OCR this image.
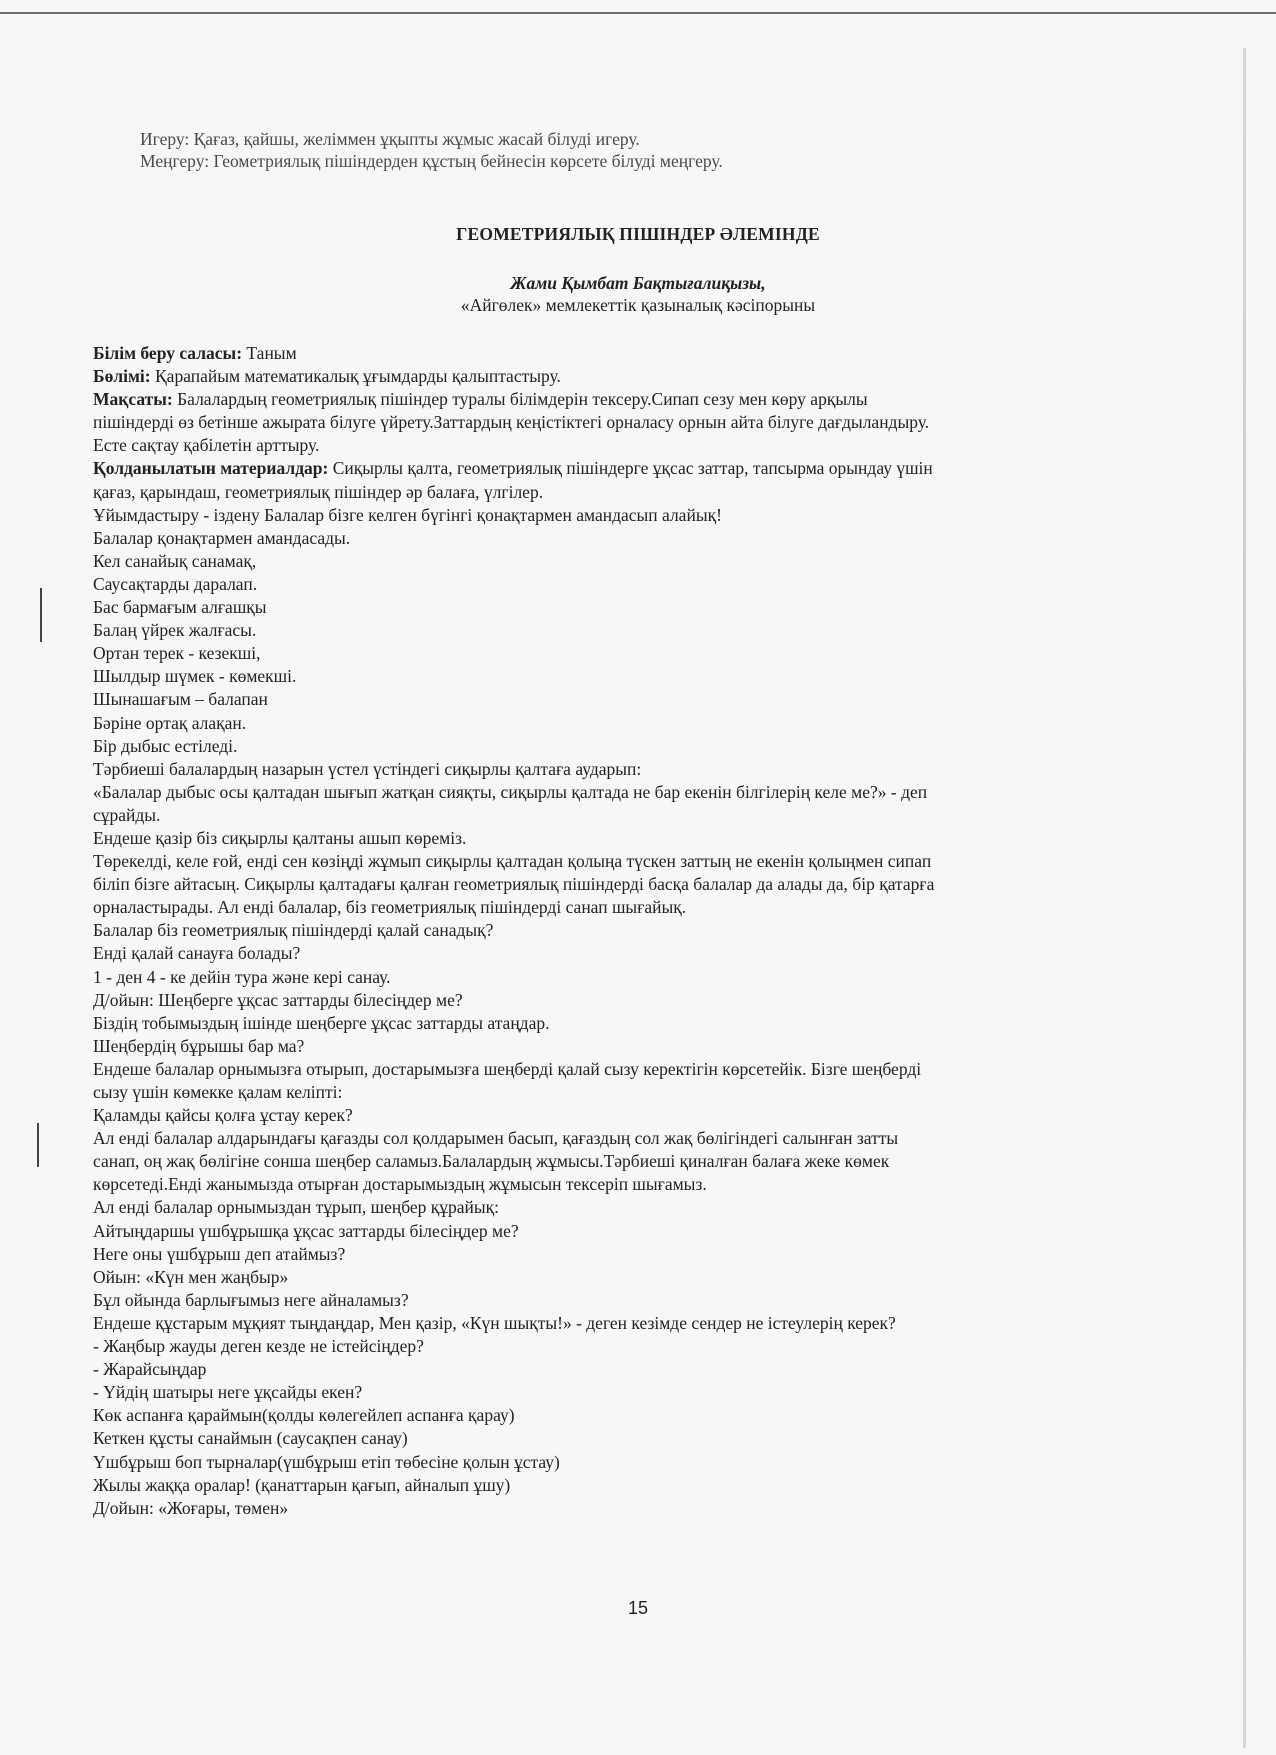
Игеру: Қағаз, қайшы, желіммен ұқыпты жұмыс жасай білуді игеру.
Меңгеру: Геометриялық пішіндерден құстың бейнесін көрсете білуді меңгеру.
ГЕОМЕТРИЯЛЫҚ ПІШІНДЕР ӘЛЕМІНДЕ
Жами Қымбат Бақтығалиқызы,
«Айгөлек» мемлекеттік қазыналық кәсіпорыны
Білім беру саласы: Таным
Бөлімі: Қарапайым математикалық ұғымдарды қалыптастыру.
Мақсаты: Балалардың геометриялық пішіндер туралы білімдерін тексеру.Сипап сезу мен көру арқылы
пішіндерді өз бетінше ажырата білуге үйрету.Заттардың кеңістіктегі орналасу орнын айта білуге дағдыландыру.
Есте сақтау қабілетін арттыру.
Қолданылатын материалдар: Сиқырлы қалта, геометриялық пішіндерге ұқсас заттар, тапсырма орындау үшін
қағаз, қарындаш, геометриялық пішіндер әр балаға, үлгілер.
Ұйымдастыру - іздену Балалар бізге келген бүгінгі қонақтармен амандасып алайық!
Балалар қонақтармен амандасады.
Кел санайық санамақ,
Саусақтарды даралап.
Бас бармағым алғашқы
Балаң үйрек жалғасы.
Ортан терек - кезекші,
Шылдыр шүмек - көмекші.
Шынашағым – балапан
Бәріне ортақ алақан.
Бір дыбыс естіледі.
Тәрбиеші балалардың назарын үстел үстіндегі сиқырлы қалтаға аударып:
«Балалар дыбыс осы қалтадан шығып жатқан сияқты, сиқырлы қалтада не бар екенін білгілерің келе ме?» - деп
сұрайды.
Ендеше қазір біз сиқырлы қалтаны ашып көреміз.
Төрекелді, келе ғой, енді сен көзіңді жұмып сиқырлы қалтадан қолыңа түскен заттың не екенін қолыңмен сипап
біліп бізге айтасың. Сиқырлы қалтадағы қалған геометриялық пішіндерді басқа балалар да алады да, бір қатарға
орналастырады. Ал енді балалар, біз геометриялық пішіндерді санап шығайық.
Балалар біз геометриялық пішіндерді қалай санадық?
Енді қалай санауға болады?
1 - ден 4 - ке дейін тура және кері санау.
Д/ойын: Шеңберге ұқсас заттарды білесіңдер ме?
Біздің тобымыздың ішінде шеңберге ұқсас заттарды атаңдар.
Шеңбердің бұрышы бар ма?
Ендеше балалар орнымызға отырып, достарымызға шеңберді қалай сызу керектігін көрсетейік. Бізге шеңберді
сызу үшін көмекке қалам келіпті:
Қаламды қайсы қолға ұстау керек?
Ал енді балалар алдарындағы қағазды сол қолдарымен басып, қағаздың сол жақ бөлігіндегі салынған затты
санап, оң жақ бөлігіне сонша шеңбер саламыз.Балалардың жұмысы.Тәрбиеші қиналған балаға жеке көмек
көрсетеді.Енді жанымызда отырған достарымыздың жұмысын тексеріп шығамыз.
Ал енді балалар орнымыздан тұрып, шеңбер құрайық:
Айтыңдаршы үшбұрышқа ұқсас заттарды білесіңдер ме?
Неге оны үшбұрыш деп атаймыз?
Ойын: «Күн мен жаңбыр»
Бұл ойында барлығымыз неге айналамыз?
Ендеше құстарым мұқият тыңдаңдар, Мен қазір, «Күн шықты!» - деген кезімде сендер не істеулерің керек?
- Жаңбыр жауды деген кезде не істейсіңдер?
- Жарайсыңдар
- Үйдің шатыры неге ұқсайды екен?
Көк аспанға қараймын(қолды көлегейлеп аспанға қарау)
Кеткен құсты санаймын (саусақпен санау)
Үшбұрыш боп тырналар(үшбұрыш етіп төбесіне қолын ұстау)
Жылы жаққа оралар! (қанаттарын қағып, айналып ұшу)
Д/ойын: «Жоғары, төмен»
15
